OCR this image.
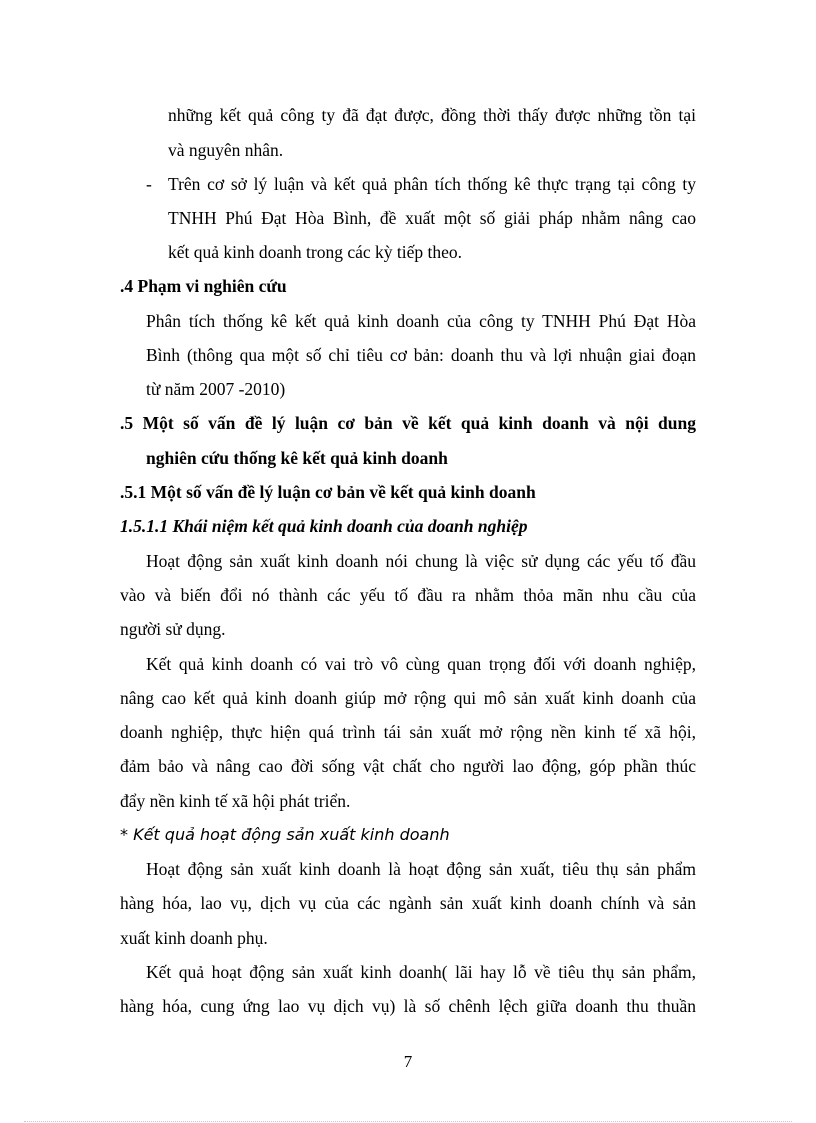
những kết quả công ty đã đạt được, đồng thời thấy được những tồn tại

và nguyên nhân.

- Trên cơ sở lý luận và kết quả phân tích thống kê thực trạng tại công ty

TNHH Phú Đạt Hòa Bình, đề xuất một số giải pháp nhằm nâng cao

kết quả kinh doanh trong các kỳ tiếp theo.

.4 Phạm vi nghiên cứu

Phân tích thống kê kết quả kinh doanh của công ty TNHH Phú Đạt Hòa

Bình (thông qua một số chỉ tiêu cơ bản: doanh thu và lợi nhuận giai đoạn

từ năm 2007 -2010)

.5 Một số vấn đề lý luận cơ bản về kết quả kinh doanh và nội dung
nghiên cứu thống kê kết quả kinh doanh
.5.1 Một số vấn đề lý luận cơ bản về kết quả kinh doanh
1.5.1.1 Khái niệm kết quả kinh doanh của doanh nghiệp

Hoạt động sản xuất kinh doanh nói chung là việc sử dụng các yếu tố đầu

vào và biến đổi nó thành các yếu tố đầu ra nhằm thỏa mãn nhu cầu của

người sử dụng.

Kết quả kinh doanh có vai trò vô cùng quan trọng đối với doanh nghiệp,

nâng cao kết quả kinh doanh giúp mở rộng qui mô sản xuất kinh doanh của

doanh nghiệp, thực hiện quá trình tái sản xuất mở rộng nền kinh tế xã hội,

đảm bảo và nâng cao đời sống vật chất cho người lao động, góp phần thúc

đẩy nền kinh tế xã hội phát triển.

* Kết quả hoạt động sản xuất kinh doanh

Hoạt động sản xuất kinh doanh là hoạt động sản xuất, tiêu thụ sản phẩm

hàng hóa, lao vụ, dịch vụ của các ngành sản xuất kinh doanh chính và sản

xuất kinh doanh phụ.

Kết quả hoạt động sản xuất kinh doanh( lãi hay lỗ về tiêu thụ sản phẩm,

hàng hóa, cung ứng lao vụ dịch vụ) là số chênh lệch giữa doanh thu thuần

7
